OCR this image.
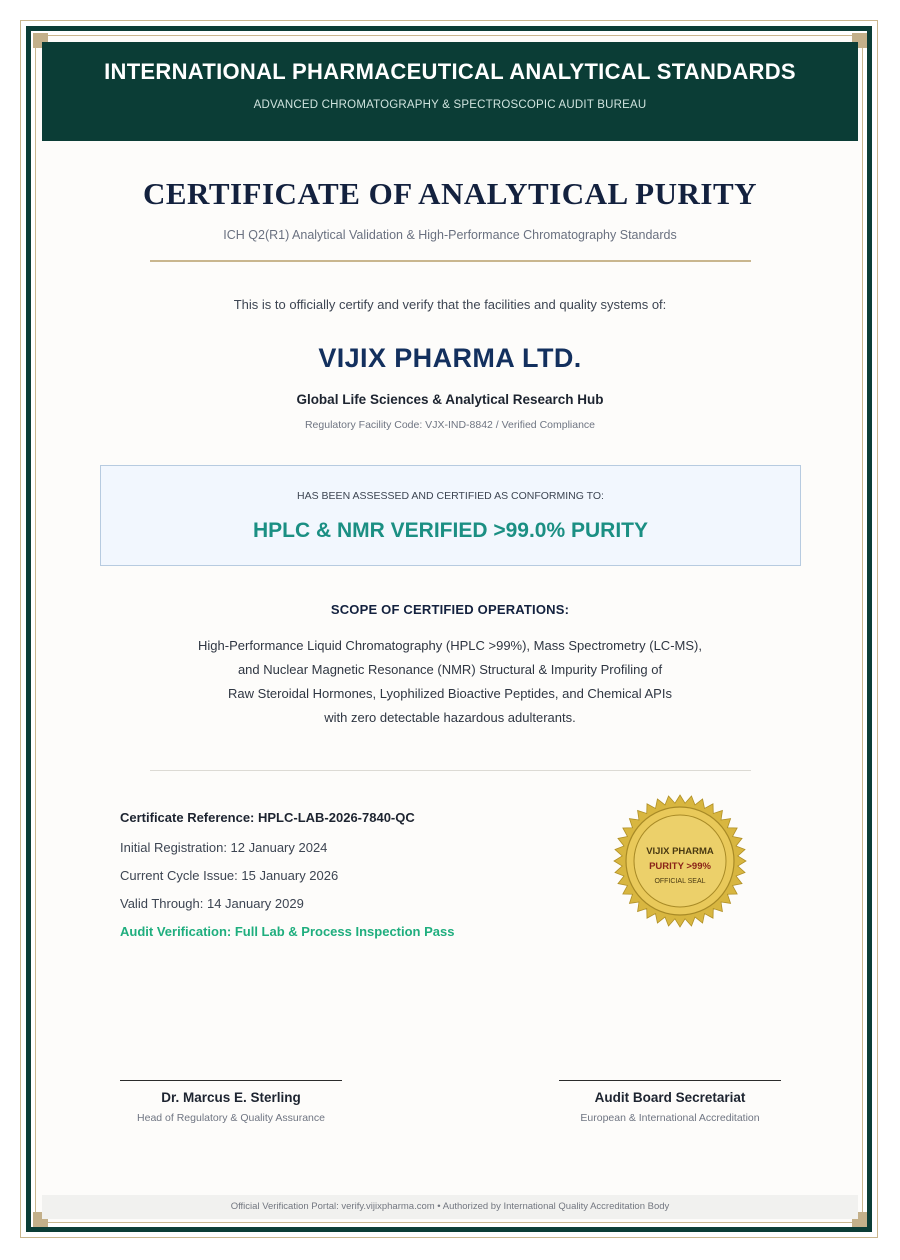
INTERNATIONAL PHARMACEUTICAL ANALYTICAL STANDARDS
ADVANCED CHROMATOGRAPHY & SPECTROSCOPIC AUDIT BUREAU
CERTIFICATE OF ANALYTICAL PURITY
ICH Q2(R1) Analytical Validation & High-Performance Chromatography Standards
This is to officially certify and verify that the facilities and quality systems of:
VIJIX PHARMA LTD.
Global Life Sciences & Analytical Research Hub
Regulatory Facility Code: VJX-IND-8842 / Verified Compliance
HAS BEEN ASSESSED AND CERTIFIED AS CONFORMING TO:
HPLC & NMR VERIFIED >99.0% PURITY
SCOPE OF CERTIFIED OPERATIONS:
High-Performance Liquid Chromatography (HPLC >99%), Mass Spectrometry (LC-MS),
and Nuclear Magnetic Resonance (NMR) Structural & Impurity Profiling of
Raw Steroidal Hormones, Lyophilized Bioactive Peptides, and Chemical APIs
with zero detectable hazardous adulterants.
Certificate Reference: HPLC-LAB-2026-7840-QC
Initial Registration: 12 January 2024
Current Cycle Issue: 15 January 2026
Valid Through: 14 January 2029
Audit Verification: Full Lab & Process Inspection Pass
VIJIX PHARMA
PURITY >99%
OFFICIAL SEAL
Dr. Marcus E. Sterling
Head of Regulatory & Quality Assurance
Audit Board Secretariat
European & International Accreditation
Official Verification Portal: verify.vijixpharma.com • Authorized by International Quality Accreditation Body
